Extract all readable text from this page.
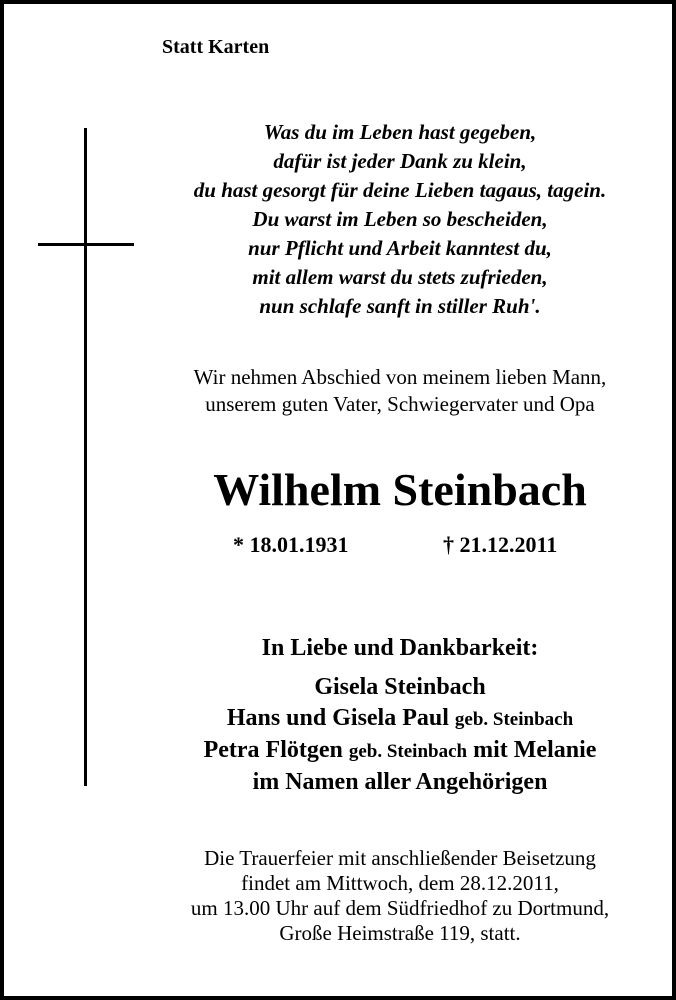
Statt Karten
Was du im Leben hast gegeben,
dafür ist jeder Dank zu klein,
du hast gesorgt für deine Lieben tagaus, tagein.
Du warst im Leben so bescheiden,
nur Pflicht und Arbeit kanntest du,
mit allem warst du stets zufrieden,
nun schlafe sanft in stiller Ruh'.
Wir nehmen Abschied von meinem lieben Mann,
unserem guten Vater, Schwiegervater und Opa
Wilhelm Steinbach
* 18.01.1931	† 21.12.2011
In Liebe und Dankbarkeit:
Gisela Steinbach
Hans und Gisela Paul geb. Steinbach
Petra Flötgen geb. Steinbach mit Melanie
im Namen aller Angehörigen
Die Trauerfeier mit anschließender Beisetzung
findet am Mittwoch, dem 28.12.2011,
um 13.00 Uhr auf dem Südfriedhof zu Dortmund,
Große Heimstraße 119, statt.
